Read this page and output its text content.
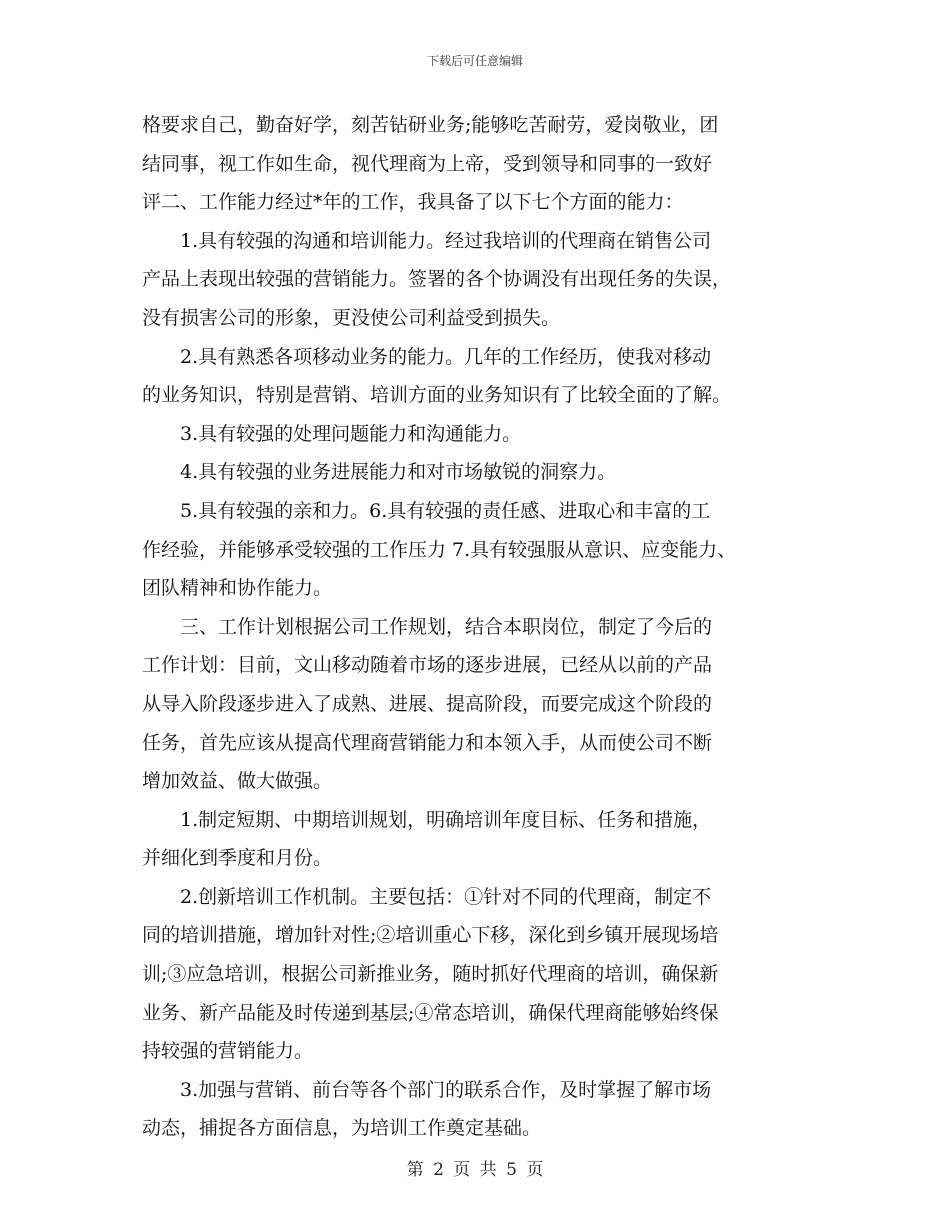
下载后可任意编辑

格要求自己，勤奋好学，刻苦钻研业务;能够吃苦耐劳，爱岗敬业，团
结同事，视工作如生命，视代理商为上帝，受到领导和同事的一致好
评二、工作能力经过*年的工作，我具备了以下七个方面的能力：
　　1.具有较强的沟通和培训能力。经过我培训的代理商在销售公司
产品上表现出较强的营销能力。签署的各个协调没有出现任务的失误，
没有损害公司的形象，更没使公司利益受到损失。
　　2.具有熟悉各项移动业务的能力。几年的工作经历，使我对移动
的业务知识，特别是营销、培训方面的业务知识有了比较全面的了解。
　　3.具有较强的处理问题能力和沟通能力。
　　4.具有较强的业务进展能力和对市场敏锐的洞察力。
　　5.具有较强的亲和力。6.具有较强的责任感、进取心和丰富的工
作经验，并能够承受较强的工作压力 7.具有较强服从意识、应变能力、
团队精神和协作能力。
　　三、工作计划根据公司工作规划，结合本职岗位，制定了今后的
工作计划：目前，文山移动随着市场的逐步进展，已经从以前的产品
从导入阶段逐步进入了成熟、进展、提高阶段，而要完成这个阶段的
任务，首先应该从提高代理商营销能力和本领入手，从而使公司不断
增加效益、做大做强。
　　1.制定短期、中期培训规划，明确培训年度目标、任务和措施，
并细化到季度和月份。
　　2.创新培训工作机制。主要包括：①针对不同的代理商，制定不
同的培训措施，增加针对性;②培训重心下移，深化到乡镇开展现场培
训;③应急培训，根据公司新推业务，随时抓好代理商的培训，确保新
业务、新产品能及时传递到基层;④常态培训，确保代理商能够始终保
持较强的营销能力。
　　3.加强与营销、前台等各个部门的联系合作，及时掌握了解市场
动态，捕捉各方面信息，为培训工作奠定基础。

第 2 页 共 5 页
